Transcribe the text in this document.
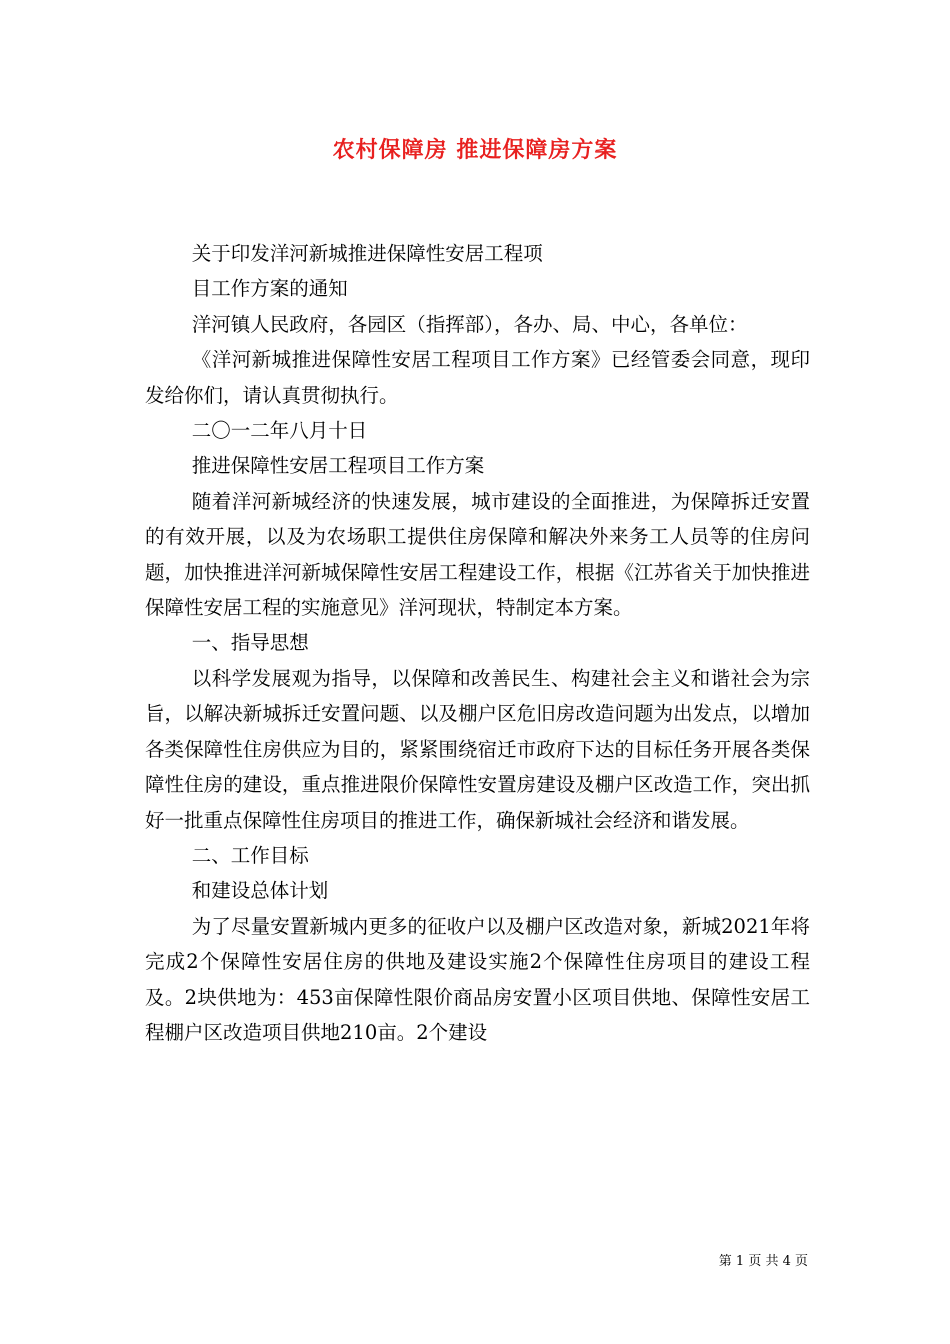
农村保障房 推进保障房方案

关于印发洋河新城推进保障性安居工程项

目工作方案的通知

洋河镇人民政府，各园区（指挥部），各办、局、中心，各单位：

《洋河新城推进保障性安居工程项目工作方案》已经管委会同意，现印发给你们，请认真贯彻执行。

二〇一二年八月十日

推进保障性安居工程项目工作方案

随着洋河新城经济的快速发展，城市建设的全面推进，为保障拆迁安置的有效开展，以及为农场职工提供住房保障和解决外来务工人员等的住房问题，加快推进洋河新城保障性安居工程建设工作，根据《江苏省关于加快推进保障性安居工程的实施意见》洋河现状，特制定本方案。

一、指导思想

以科学发展观为指导，以保障和改善民生、构建社会主义和谐社会为宗旨，以解决新城拆迁安置问题、以及棚户区危旧房改造问题为出发点，以增加各类保障性住房供应为目的，紧紧围绕宿迁市政府下达的目标任务开展各类保障性住房的建设，重点推进限价保障性安置房建设及棚户区改造工作，突出抓好一批重点保障性住房项目的推进工作，确保新城社会经济和谐发展。

二、工作目标

和建设总体计划

为了尽量安置新城内更多的征收户以及棚户区改造对象，新城2021年将完成2个保障性安居住房的供地及建设实施2个保障性住房项目的建设工程及。2块供地为：453亩保障性限价商品房安置小区项目供地、保障性安居工程棚户区改造项目供地210亩。2个建设

第 1 页 共 4 页
